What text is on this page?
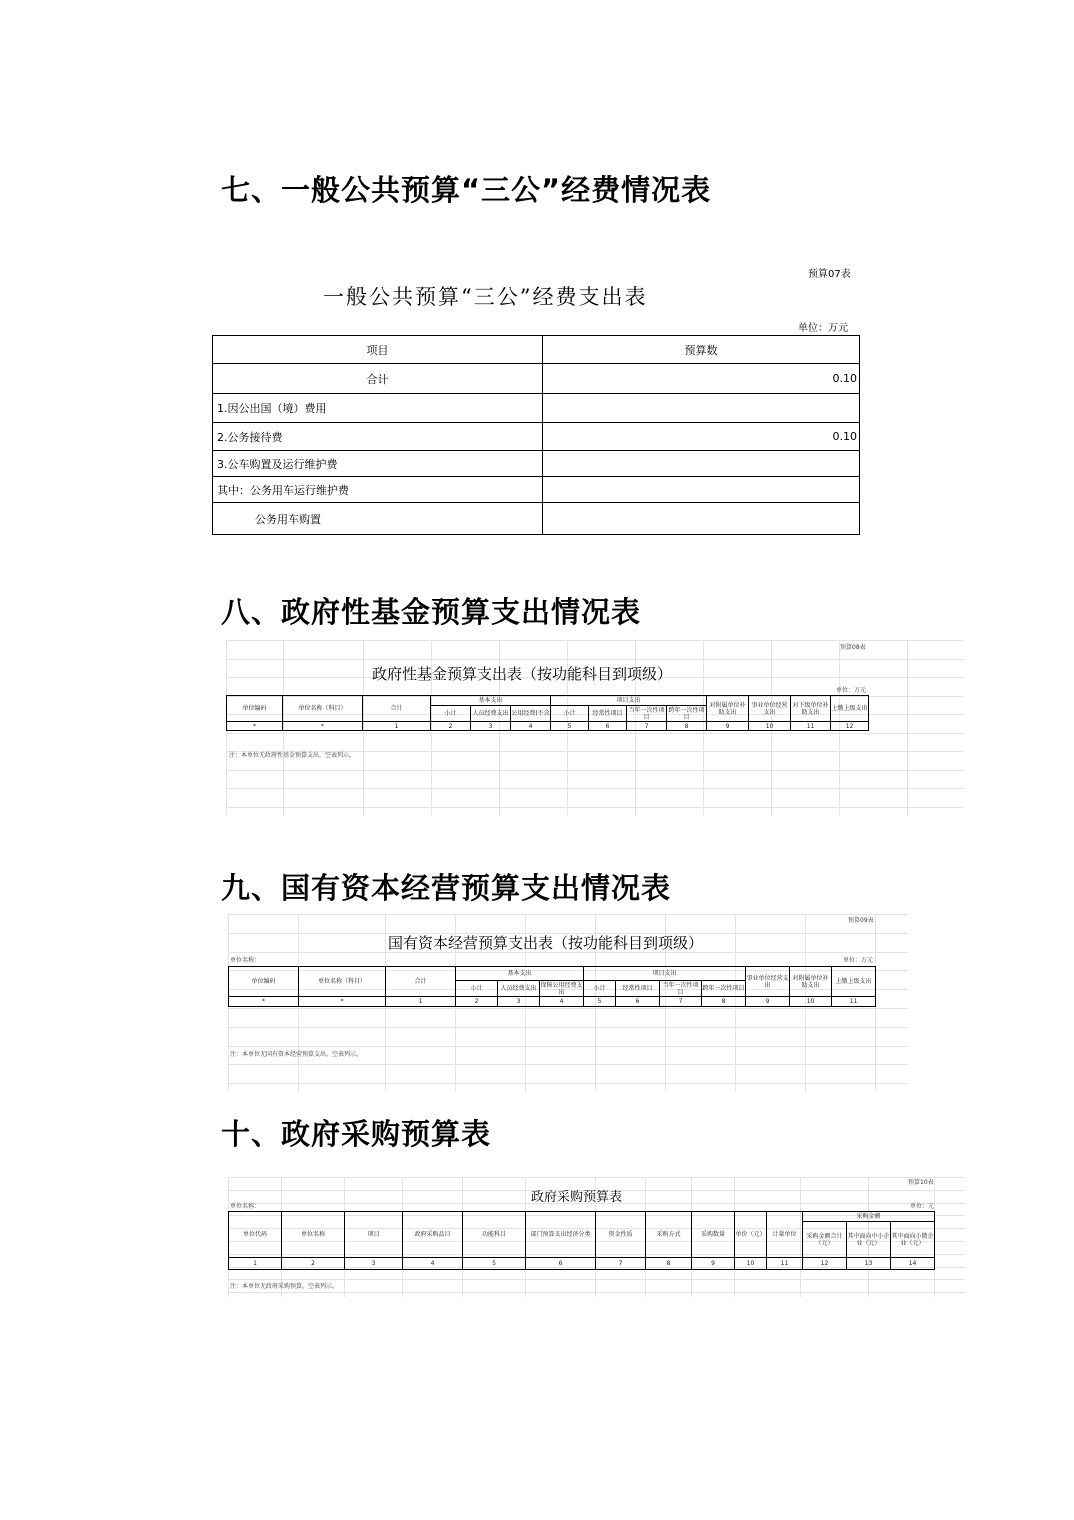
七、一般公共预算“三公”经费情况表
预算07表
一般公共预算“三公”经费支出表
单位：万元
项目	预算数
合计	0.10
1.因公出国（境）费用	
2.公务接待费	0.10
3.公车购置及运行维护费	
其中：公务用车运行维护费	
公务用车购置	
八、政府性基金预算支出情况表

预算08表
政府性基金预算支出表（按功能科目到项级）
单位：万元
单位编码	单位名称（科目）	合计	基本支出			项目支出				对附属单位补助支出	事业单位经营支出	对下级单位补助支出	上缴上级支出
			小计	人员经费支出	公用经费(不含	小计	经常性项目	当年一次性项目	跨年一次性项目				
*	*	1	2	3	4	5	6	7	8	9	10	11	12
注：本单位无政府性基金预算支出，空表列示。
九、国有资本经营预算支出情况表

预算09表
国有资本经营预算支出表（按功能科目到项级）
单位名称：	单位：万元
单位编码	单位名称（科目）	合计	基本支出			项目支出				事业单位经营支出	对附属单位补助支出	上缴上级支出
			小计	人员经费支出	保障公用经费支出	小计	经常性项目	当年一次性项目	跨年一次性项目			
*	*	1	2	3	4	5	6	7	8	9	10	11
注：本单位无国有资本经营预算支出，空表列示。
十、政府采购预算表

预算10表
政府采购预算表
单位名称：	单位：元
单位代码	单位名称	项目	政府采购品目	功能科目	部门预算支出经济分类	资金性质	采购方式	采购数量	单价（元）	计量单位	采购金额		
											采购金额合计（元）	其中面向中小企业（元）	其中面向小微企业（元）
1	2	3	4	5	6	7	8	9	10	11	12	13	14
注：本单位无政府采购预算，空表列示。
